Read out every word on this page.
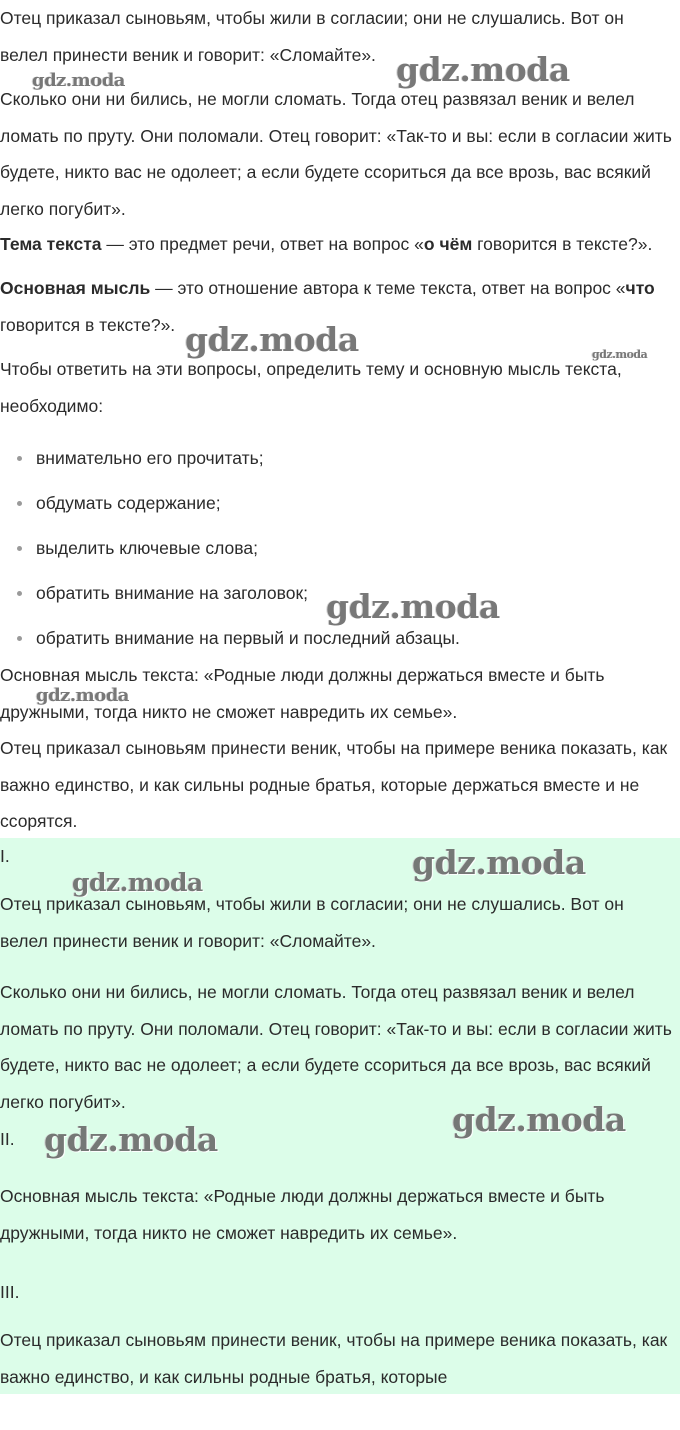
Отец приказал сыновьям, чтобы жили в согласии; они не слушались. Вот он велел принести веник и говорит: «Сломайте».

Сколько они ни бились, не могли сломать. Тогда отец развязал веник и велел ломать по пруту. Они поломали. Отец говорит: «Так-то и вы: если в согласии жить будете, никто вас не одолеет; а если будете ссориться да все врозь, вас всякий легко погубит».

Тема текста — это предмет речи, ответ на вопрос «о чём говорится в тексте?».

Основная мысль — это отношение автора к теме текста, ответ на вопрос «что говорится в тексте?».

Чтобы ответить на эти вопросы, определить тему и основную мысль текста, необходимо:

внимательно его прочитать;
обдумать содержание;
выделить ключевые слова;
обратить внимание на заголовок;
обратить внимание на первый и последний абзацы.

Основная мысль текста: «Родные люди должны держаться вместе и быть дружными, тогда никто не сможет навредить их семье».

Отец приказал сыновьям принести веник, чтобы на примере веника показать, как важно единство, и как сильны родные братья, которые держаться вместе и не ссорятся.

I.

Отец приказал сыновьям, чтобы жили в согласии; они не слушались. Вот он велел принести веник и говорит: «Сломайте».

Сколько они ни бились, не могли сломать. Тогда отец развязал веник и велел ломать по пруту. Они поломали. Отец говорит: «Так-то и вы: если в согласии жить будете, никто вас не одолеет; а если будете ссориться да все врозь, вас всякий легко погубит».

II.

Основная мысль текста: «Родные люди должны держаться вместе и быть дружными, тогда никто не сможет навредить их семье».

III.

Отец приказал сыновьям принести веник, чтобы на примере веника показать, как важно единство, и как сильны родные братья, которые

gdz.moda	gdz.moda
gdz.moda	gdz.moda
gdz.moda
gdz.moda
gdz.moda
gdz.moda
gdz.moda
gdz.moda
